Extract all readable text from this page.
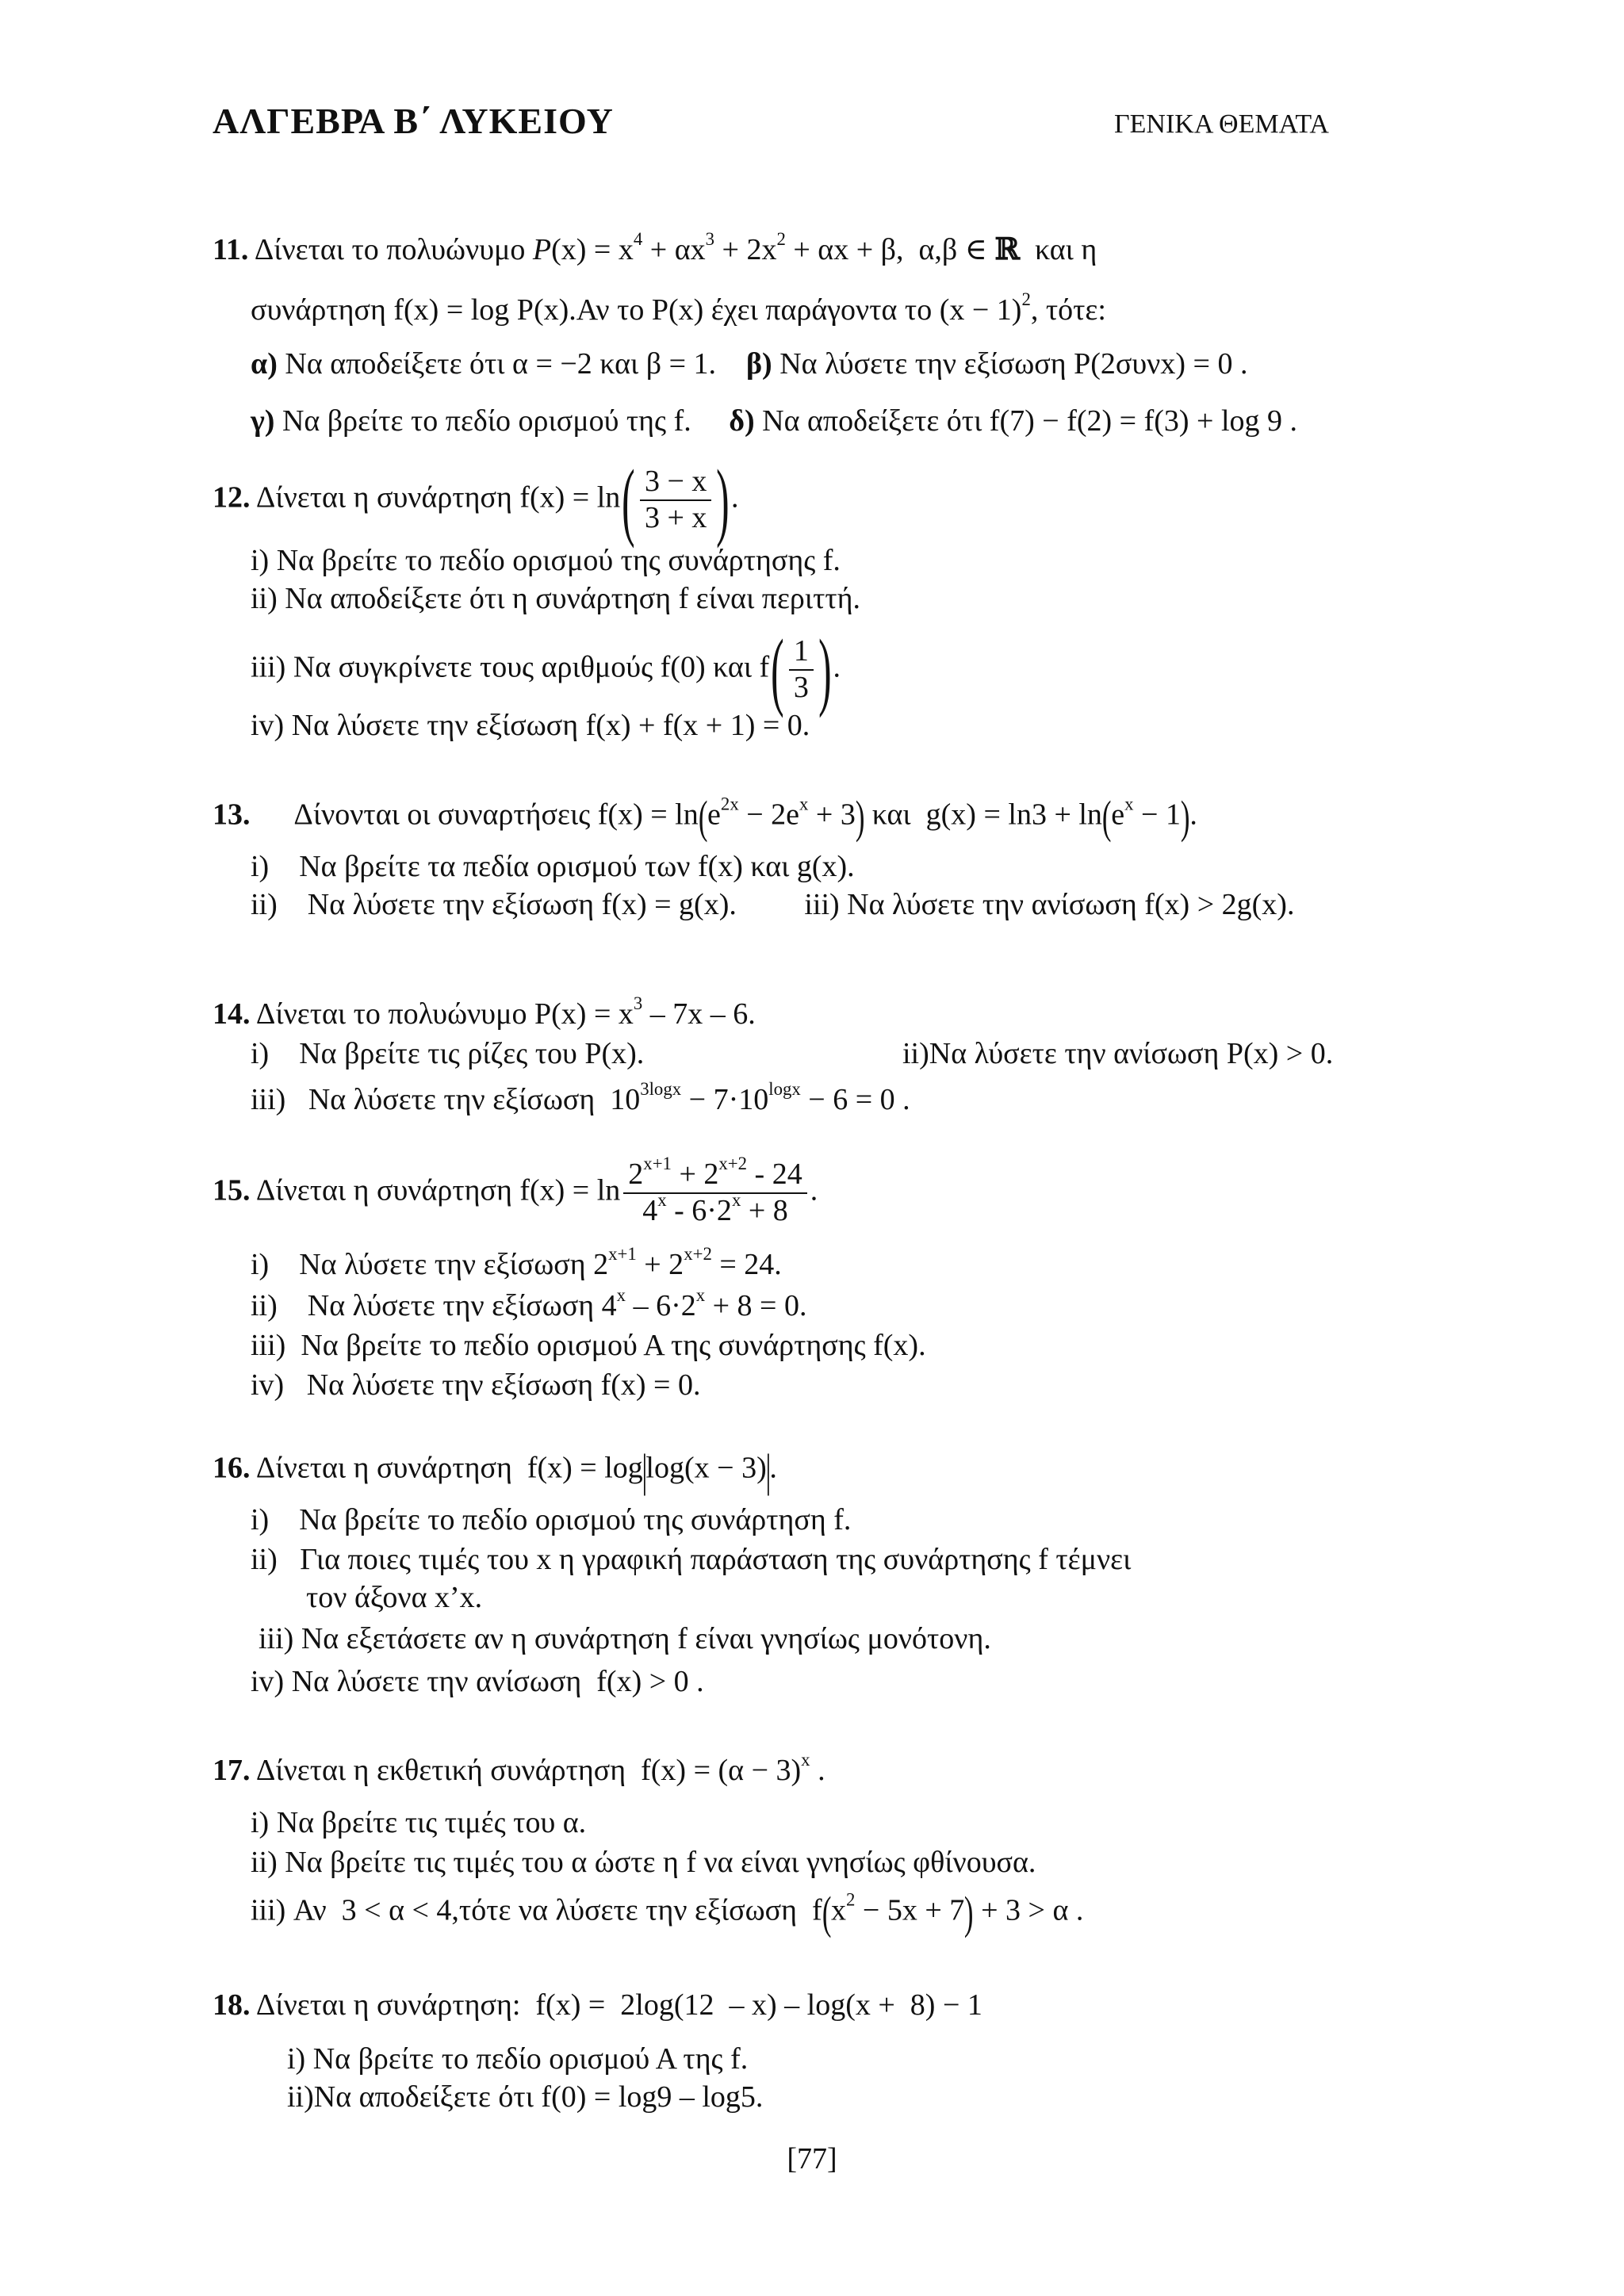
ΑΛΓΕΒΡΑ Β΄ ΛΥΚΕΙΟΥ	ΓΕΝΙΚΑ ΘΕΜΑΤΑ
11. Δίνεται το πολυώνυμο $P(x) = x^4 + \alpha x^3 + 2x^2 + \alpha x + \beta$,  α,β ∈ ℝ και η
συνάρτηση f(x) = log P(x).Αν το P(x) έχει παράγοντα το $(x - 1)^2$, τότε:
α) Να αποδείξετε ότι α = −2 και β = 1.    β) Να λύσετε την εξίσωση P(2συνx) = 0 .
γ) Να βρείτε το πεδίο ορισμού της f. δ) Να αποδείξετε ότι f(7) − f(2) = f(3) + log 9 .
12. Δίνεται η συνάρτηση $f(x) = \ln( \frac{3 - x}{3 + x}$ ).
i) Να βρείτε το πεδίο ορισμού της συνάρτησης f.
ii) Να αποδείξετε ότι η συνάρτηση f είναι περιττή.
iii) Να συγκρίνετε τους αριθμούς f(0) και $f( \frac{1}{3}$ ).
iv) Να λύσετε την εξίσωση f(x) + f(x + 1) = 0.
13. Δίνονται οι συναρτήσεις $f(x) = \ln(e^{2x} - 2e^x + 3)$ και  $g(x) = \ln 3 + \ln(e^x - 1)$.
i) Να βρείτε τα πεδία ορισμού των f(x) και g(x).
ii) Να λύσετε την εξίσωση f(x) = g(x). iii) Να λύσετε την ανίσωση f(x) > 2g(x).
14. Δίνεται το πολυώνυμο $P(x) = x^3 - 7x - 6$.
i) Να βρείτε τις ρίζες του P(x).	ii)Να λύσετε την ανίσωση P(x) > 0.
iii) Να λύσετε την εξίσωση  $10^{3logx} - 7\cdot 10^{logx} - 6 = 0$ .
15. Δίνεται η συνάρτηση $f(x) = \ln \frac{2^{x+1} + 2^{x+2} - 24}{4^x - 6\cdot 2^x + 8}$ .
i) Να λύσετε την εξίσωση $2^{x+1} + 2^{x+2} = 24$.
ii) Να λύσετε την εξίσωση $4^x - 6\cdot 2^x + 8 = 0$.
iii) Να βρείτε το πεδίο ορισμού Α της συνάρτησης f(x).
iv) Να λύσετε την εξίσωση f(x) = 0.
16. Δίνεται η συνάρτηση  f(x) = log|log(x − 3)|.
i) Να βρείτε το πεδίο ορισμού της συνάρτηση f.
ii) Για ποιες τιμές του x η γραφική παράσταση της συνάρτησης f τέμνει
τον άξονα x’x.
iii) Να εξετάσετε αν η συνάρτηση f είναι γνησίως μονότονη.
iv) Να λύσετε την ανίσωση  f(x) > 0 .
17. Δίνεται η εκθετική συνάρτηση  $f(x) = (\alpha - 3)^x$ .
i) Να βρείτε τις τιμές του α.
ii) Να βρείτε τις τιμές του α ώστε η f να είναι γνησίως φθίνουσα.
iii) Αν  3 < α < 4,τότε να λύσετε την εξίσωση  $f(x^2 - 5x + 7) + 3 > \alpha$ .
18. Δίνεται η συνάρτηση:  f(x) =  2log(12  – x) – log(x +  8) − 1
i) Να βρείτε το πεδίο ορισμού Α της f.
ii)Να αποδείξετε ότι f(0) = log9 – log5.
[77]
